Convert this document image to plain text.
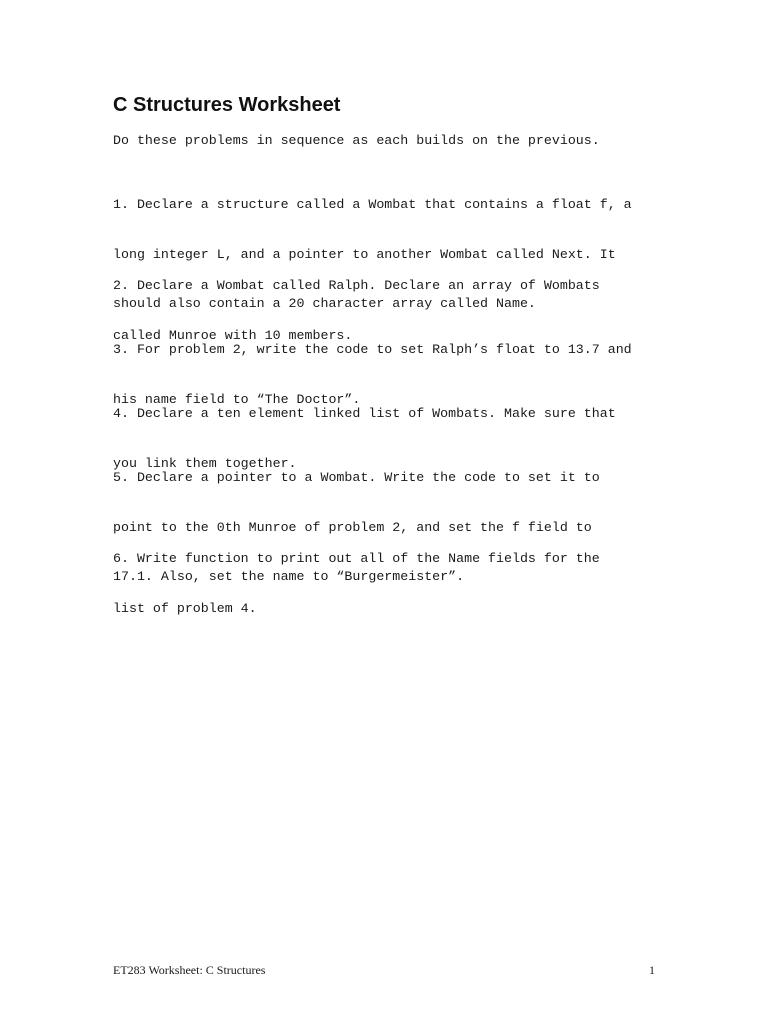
C Structures Worksheet

Do these problems in sequence as each builds on the previous.

1. Declare a structure called a Wombat that contains a float f, a

long integer L, and a pointer to another Wombat called Next. It

should also contain a 20 character array called Name.

2. Declare a Wombat called Ralph. Declare an array of Wombats

called Munroe with 10 members.

3. For problem 2, write the code to set Ralph’s float to 13.7 and

his name field to “The Doctor”.

4. Declare a ten element linked list of Wombats. Make sure that

you link them together.

5. Declare a pointer to a Wombat. Write the code to set it to

point to the 0th Munroe of problem 2, and set the f field to

17.1. Also, set the name to “Burgermeister”.

6. Write function to print out all of the Name fields for the

list of problem 4.

ET283 Worksheet: C Structures	1
